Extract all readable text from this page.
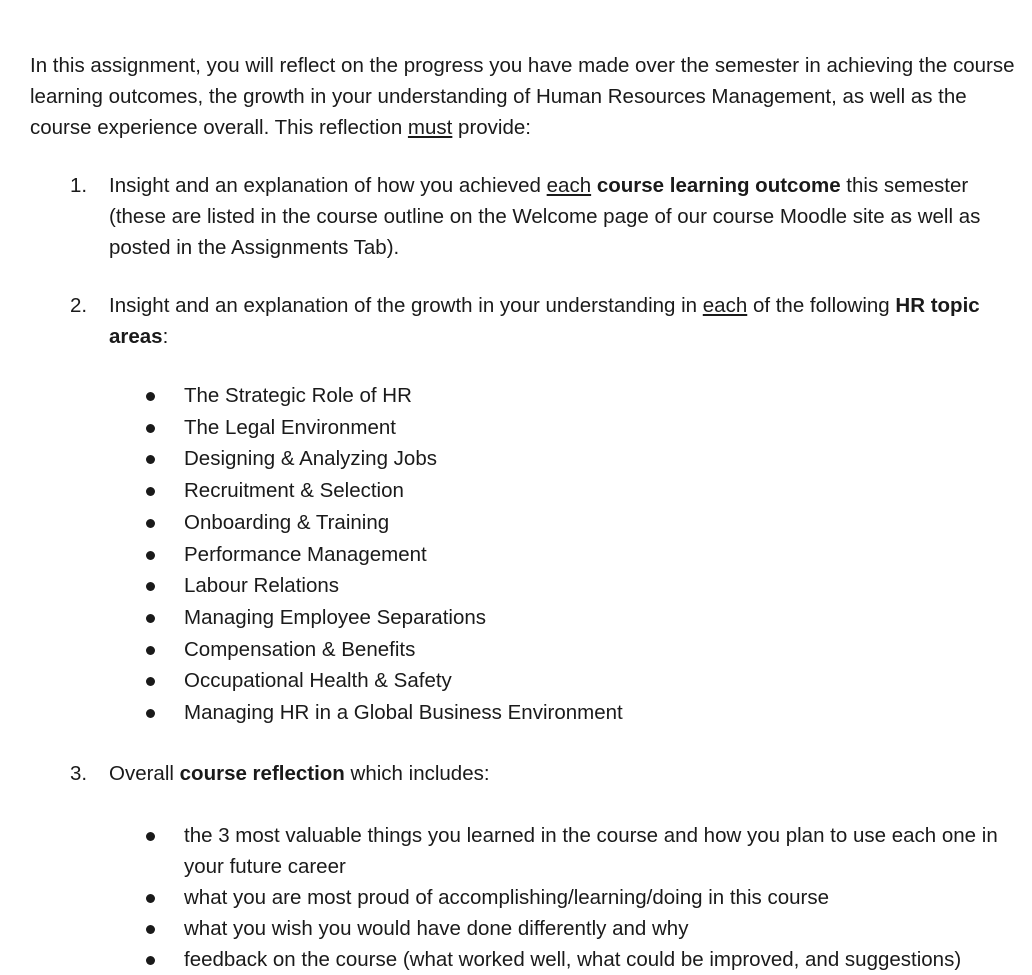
In this assignment, you will reflect on the progress you have made over the semester in achieving the course learning outcomes, the growth in your understanding of Human Resources Management, as well as the course experience overall. This reflection must provide:

1.	Insight and an explanation of how you achieved each course learning outcome this semester (these are listed in the course outline on the Welcome page of our course Moodle site as well as posted in the Assignments Tab).
2.	Insight and an explanation of the growth in your understanding in each of the following HR topic areas:
The Strategic Role of HR
The Legal Environment
Designing & Analyzing Jobs
Recruitment & Selection
Onboarding & Training
Performance Management
Labour Relations
Managing Employee Separations
Compensation & Benefits
Occupational Health & Safety
Managing HR in a Global Business Environment
3.	Overall course reflection which includes:
the 3 most valuable things you learned in the course and how you plan to use each one in your future career
what you are most proud of accomplishing/learning/doing in this course
what you wish you would have done differently and why
feedback on the course (what worked well, what could be improved, and suggestions)
